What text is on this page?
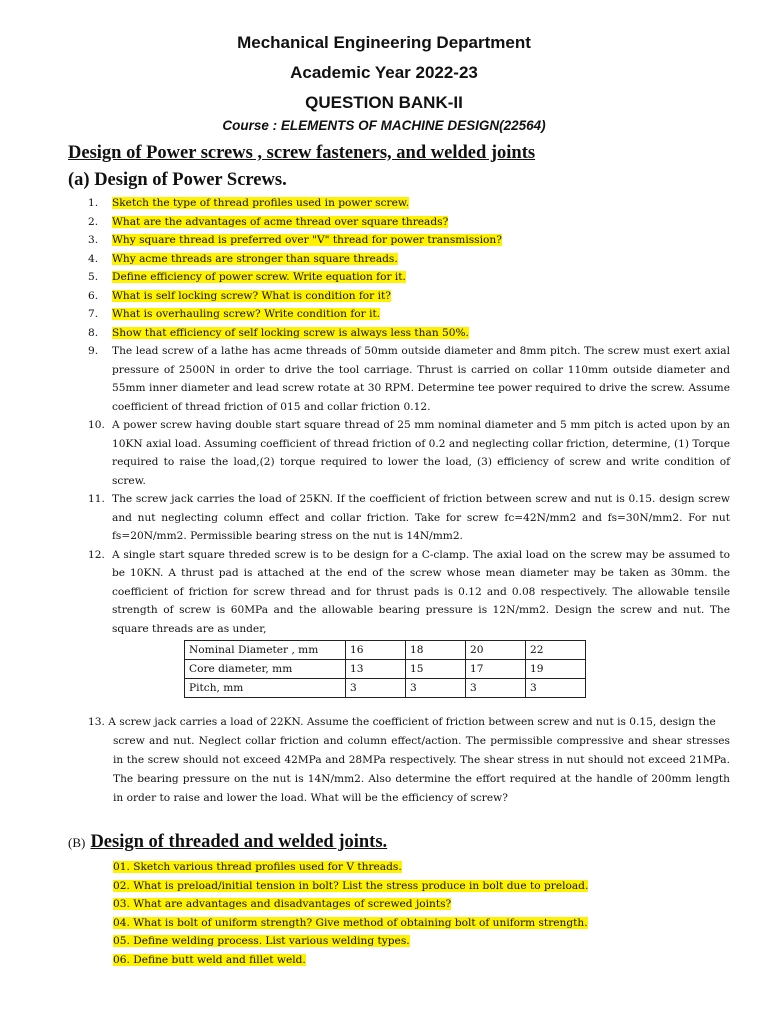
Mechanical Engineering Department
Academic Year 2022-23
QUESTION BANK-II
Course : ELEMENTS OF MACHINE DESIGN(22564)
Design of Power screws , screw fasteners, and welded joints
(a) Design of Power Screws.
1.	Sketch the type of thread profiles used in power screw.
2.	What are the advantages of acme thread over square threads?
3.	Why square thread is preferred over "V" thread for power transmission?
4.	Why acme threads are stronger than square threads.
5.	Define efficiency of power screw. Write equation for it.
6.	What is self locking screw? What is condition for it?
7.	What is overhauling screw? Write condition for it.
8.	Show that efficiency of self locking screw is always less than 50%.
9.	The lead screw of a lathe has acme threads of 50mm outside diameter and 8mm pitch. The screw must exert axial pressure of 2500N in order to drive the tool carriage. Thrust is carried on collar 110mm outside diameter and 55mm inner diameter and lead screw rotate at 30 RPM. Determine tee power required to drive the screw. Assume coefficient of thread friction of 015 and collar friction 0.12.
10. A power screw having double start square thread of 25 mm nominal diameter and 5 mm pitch is acted upon by an 10KN axial load. Assuming coefficient of thread friction of 0.2 and neglecting collar friction, determine, (1) Torque required to raise the load,(2) torque required to lower the load, (3) efficiency of screw and write condition of screw.
11. The screw jack carries the load of 25KN. If the coefficient of friction between screw and nut is 0.15. design screw and nut neglecting column effect and collar friction. Take for screw fc=42N/mm2 and fs=30N/mm2. For nut fs=20N/mm2. Permissible bearing stress on the nut is 14N/mm2.
12. A single start square threded screw is to be design for a C-clamp. The axial load on the screw may be assumed to be 10KN. A thrust pad is attached at the end of the screw whose mean diameter may be taken as 30mm. the coefficient of friction for screw thread and for thrust pads is 0.12 and 0.08 respectively. The allowable tensile strength of screw is 60MPa and the allowable bearing pressure is 12N/mm2. Design the screw and nut. The square threads are as under,
Nominal Diameter , mm	16	18	20	22
Core diameter, mm	13	15	17	19
Pitch, mm	3	3	3	3
13. A screw jack carries a load of 22KN. Assume the coefficient of friction between screw and nut is 0.15, design the
screw and nut. Neglect collar friction and column effect/action. The permissible compressive and shear stresses in the screw should not exceed 42MPa and 28MPa respectively. The shear stress in nut should not exceed 21MPa. The bearing pressure on the nut is 14N/mm2. Also determine the effort required at the handle of 200mm length in order to raise and lower the load. What will be the efficiency of screw?
(B) Design of threaded and welded joints.
01. Sketch various thread profiles used for V threads.
02. What is preload/initial tension in bolt? List the stress produce in bolt due to preload.
03. What are advantages and disadvantages of screwed joints?
04. What is bolt of uniform strength? Give method of obtaining bolt of uniform strength.
05. Define welding process. List various welding types.
06. Define butt weld and fillet weld.
